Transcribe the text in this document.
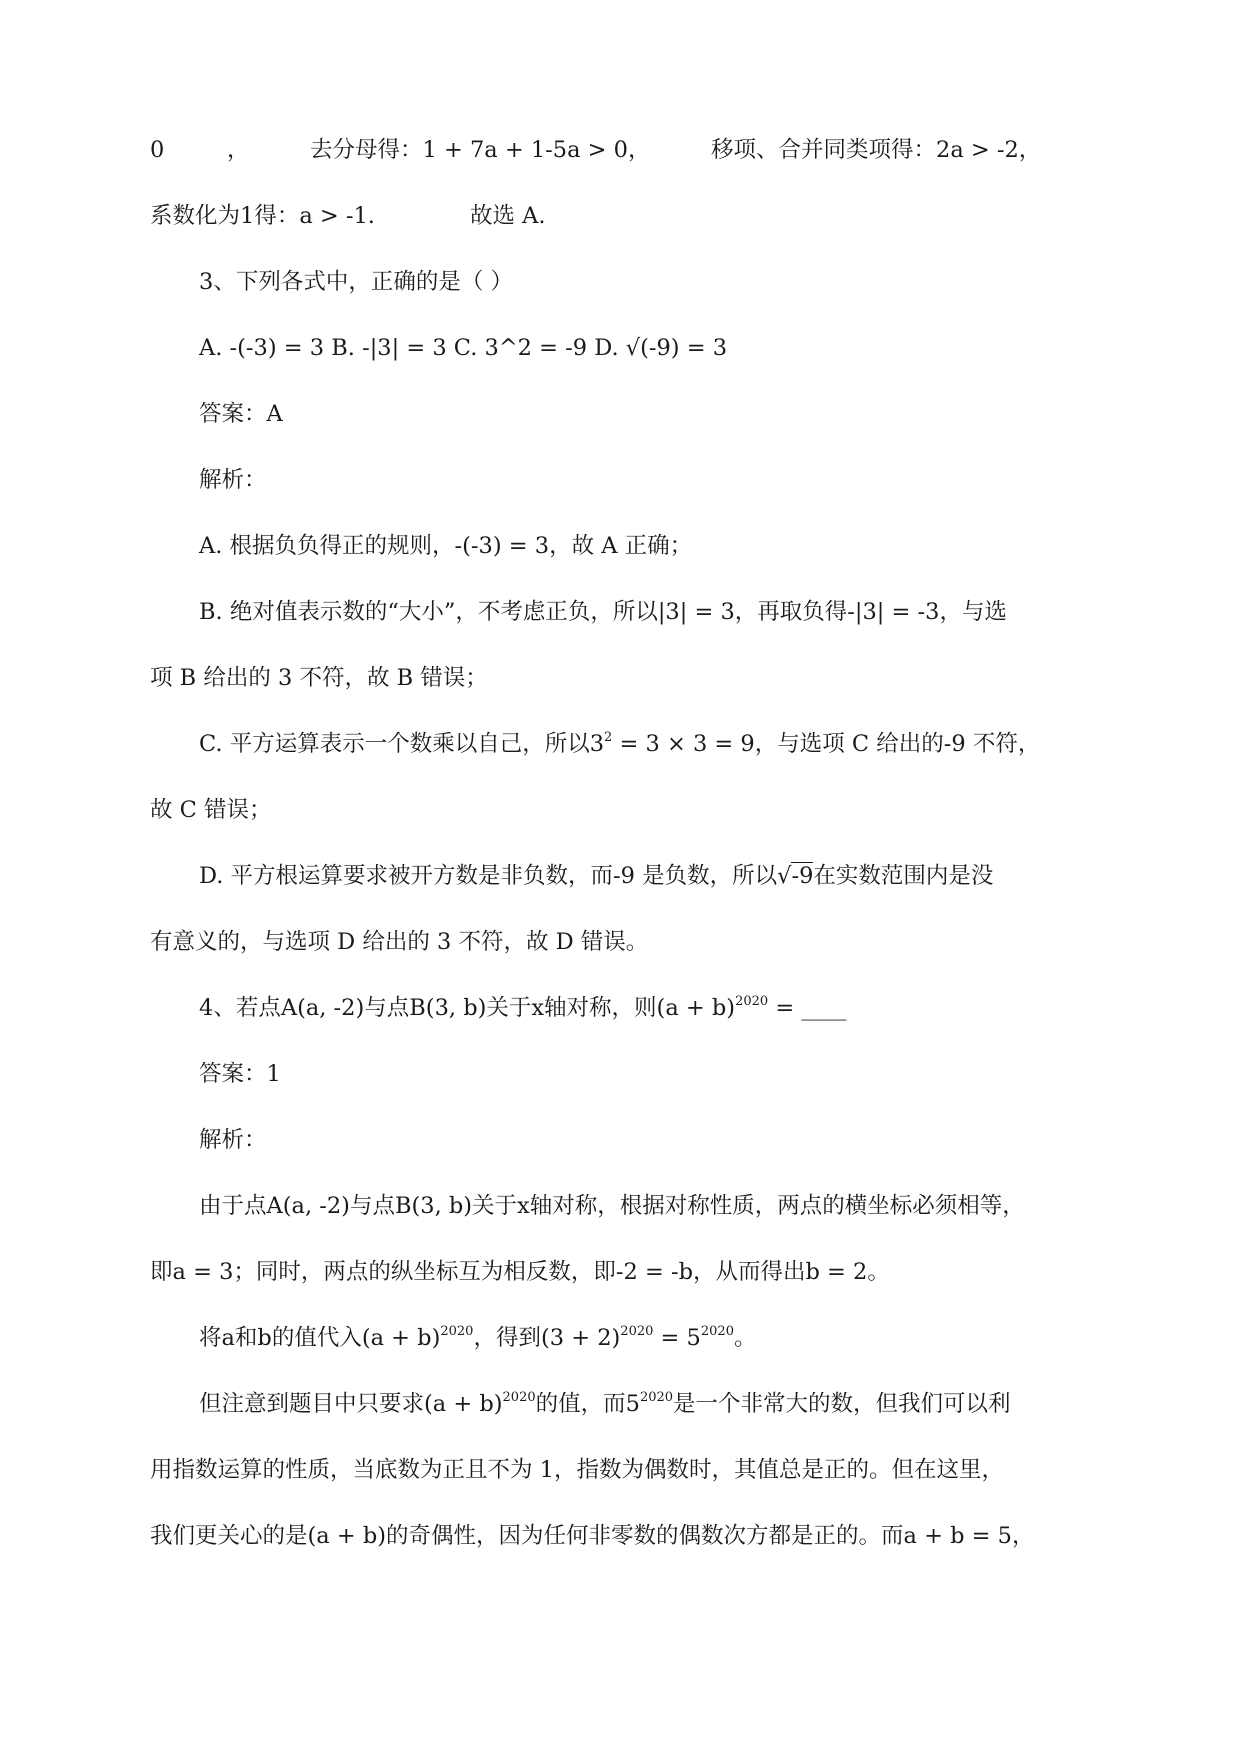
0	，	去分母得：1 + 7a + 1-5a > 0，	移项、合并同类项得：2a > -2，
系数化为1得：a > -1.	故选 A.
3、下列各式中，正确的是（ ）
A. -(-3) = 3 B. -|3| = 3 C. 3^2 = -9 D. √(-9) = 3
答案：A
解析：
A. 根据负负得正的规则，-(-3) = 3，故 A 正确；
B. 绝对值表示数的“大小”，不考虑正负，所以|3| = 3，再取负得-|3| = -3，与选
项 B 给出的 3 不符，故 B 错误；
C. 平方运算表示一个数乘以自己，所以$3^2 = 3 \times 3 = 9$，与选项 C 给出的-9 不符，
故 C 错误；
D. 平方根运算要求被开方数是非负数，而-9 是负数，所以√-9在实数范围内是没
有意义的，与选项 D 给出的 3 不符，故 D 错误。
4、若点A(a, -2)与点B(3, b)关于x轴对称，则$(a + b)^{2020}$ = ____
答案：1
解析：
由于点A(a, -2)与点B(3, b)关于x轴对称，根据对称性质，两点的横坐标必须相等，
即a = 3；同时，两点的纵坐标互为相反数，即-2 = -b，从而得出b = 2。
将a和b的值代入$(a + b)^{2020}$，得到$(3 + 2)^{2020} = 5^{2020}$。
但注意到题目中只要求$(a + b)^{2020}$的值，而$5^{2020}$是一个非常大的数，但我们可以利
用指数运算的性质，当底数为正且不为 1，指数为偶数时，其值总是正的。但在这里，
我们更关心的是(a + b)的奇偶性，因为任何非零数的偶数次方都是正的。而a + b = 5，
